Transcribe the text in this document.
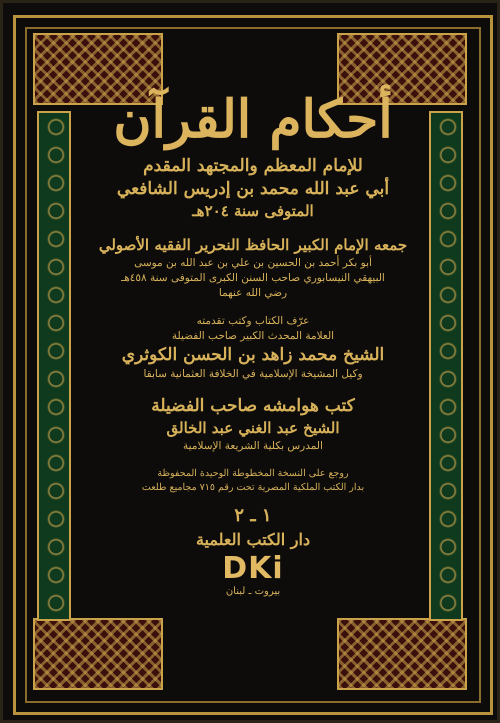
أحكام القرآن
للإمام المعظم والمجتهد المقدم
أبي عبد الله محمد بن إدريس الشافعي
المتوفى سنة ٢٠٤هـ
جمعه الإمام الكبير الحافظ النحرير الفقيه الأصولي
أبو بكر أحمد بن الحسين بن علي بن عبد الله بن موسى
البيهقي النيسابوري صاحب السنن الكبرى المتوفى سنة ٤٥٨هـ
رضي الله عنهما
عرّف الكتاب وكتب تقدمته
العلامة المحدث الكبير صاحب الفضيلة
الشيخ محمد زاهد بن الحسن الكوثري
وكيل المشيخة الإسلامية في الخلافة العثمانية سابقا
كتب هوامشه صاحب الفضيلة
الشيخ عبد الغني عبد الخالق
المدرس بكلية الشريعة الإسلامية
روجع على النسخة المخطوطة الوحيدة المحفوظة
بدار الكتب الملكية المصرية تحت رقم ٧١٥ مجاميع طلعت
١ ـ ٢
دار الكتب العلمية
DKi
بيروت ـ لبنان
